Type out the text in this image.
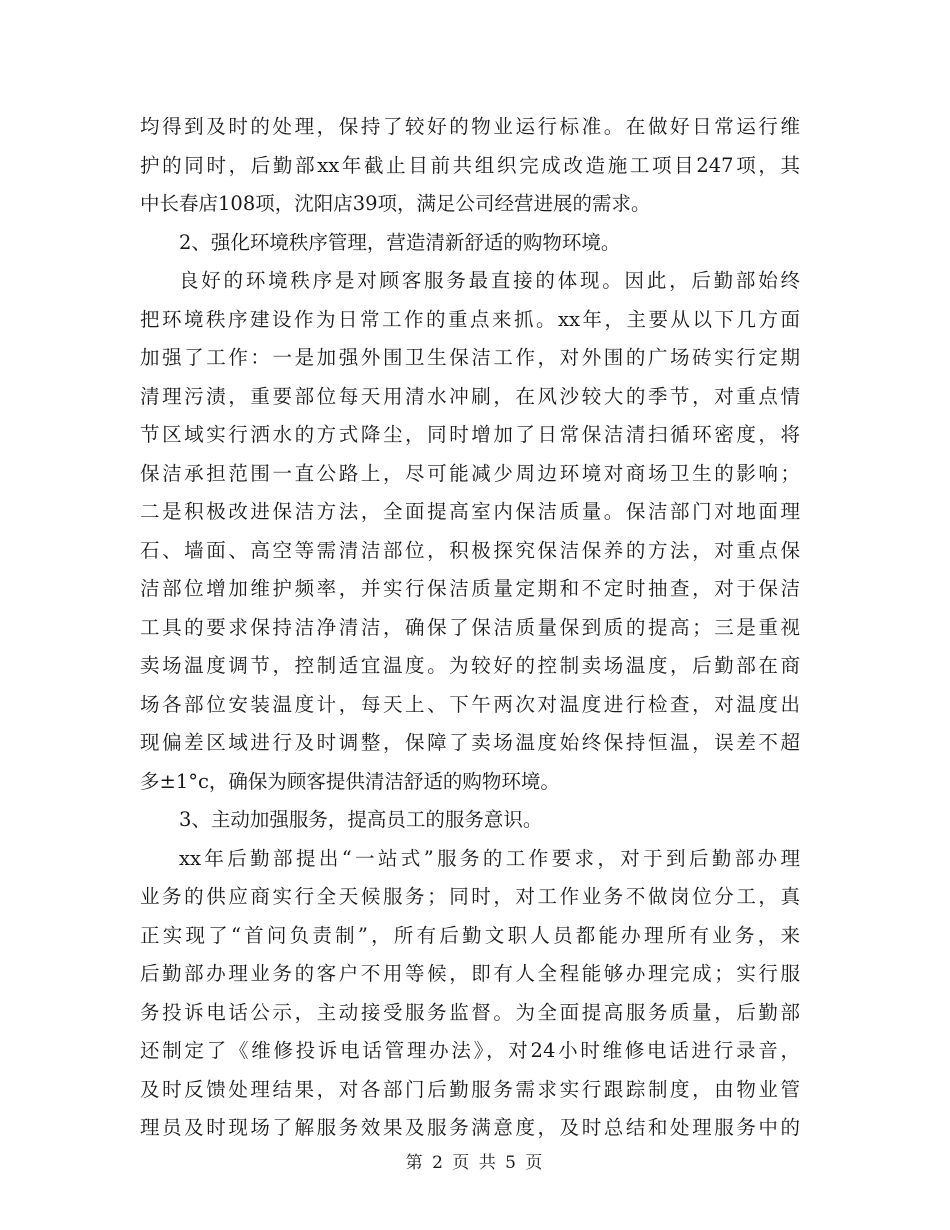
均得到及时的处理，保持了较好的物业运行标准。在做好日常运行维
护的同时，后勤部xx年截止目前共组织完成改造施工项目247项，其
中长春店108项，沈阳店39项，满足公司经营进展的需求。
2、强化环境秩序管理，营造清新舒适的购物环境。
良好的环境秩序是对顾客服务最直接的体现。因此，后勤部始终
把环境秩序建设作为日常工作的重点来抓。xx年，主要从以下几方面
加强了工作：一是加强外围卫生保洁工作，对外围的广场砖实行定期
清理污渍，重要部位每天用清水冲刷，在风沙较大的季节，对重点情
节区域实行洒水的方式降尘，同时增加了日常保洁清扫循环密度，将
保洁承担范围一直公路上，尽可能减少周边环境对商场卫生的影响；
二是积极改进保洁方法，全面提高室内保洁质量。保洁部门对地面理
石、墙面、高空等需清洁部位，积极探究保洁保养的方法，对重点保
洁部位增加维护频率，并实行保洁质量定期和不定时抽查，对于保洁
工具的要求保持洁净清洁，确保了保洁质量保到质的提高；三是重视
卖场温度调节，控制适宜温度。为较好的控制卖场温度，后勤部在商
场各部位安装温度计，每天上、下午两次对温度进行检查，对温度出
现偏差区域进行及时调整，保障了卖场温度始终保持恒温，误差不超
多±1°c，确保为顾客提供清洁舒适的购物环境。
3、主动加强服务，提高员工的服务意识。
xx年后勤部提出“一站式”服务的工作要求，对于到后勤部办理
业务的供应商实行全天候服务；同时，对工作业务不做岗位分工，真
正实现了“首问负责制”，所有后勤文职人员都能办理所有业务，来
后勤部办理业务的客户不用等候，即有人全程能够办理完成；实行服
务投诉电话公示，主动接受服务监督。为全面提高服务质量，后勤部
还制定了《维修投诉电话管理办法》，对24小时维修电话进行录音，
及时反馈处理结果，对各部门后勤服务需求实行跟踪制度，由物业管
理员及时现场了解服务效果及服务满意度，及时总结和处理服务中的
第 2 页 共 5 页
